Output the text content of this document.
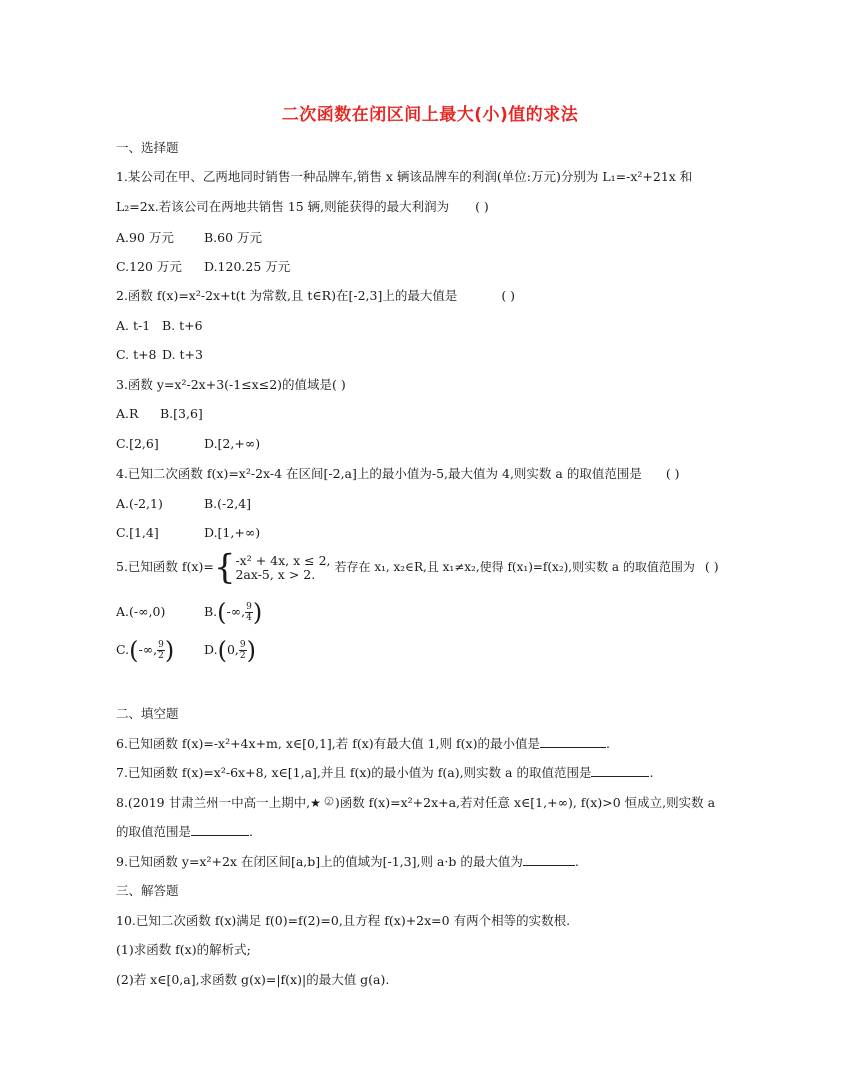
二次函数在闭区间上最大(小)值的求法
一、选择题
1.某公司在甲、乙两地同时销售一种品牌车,销售 x 辆该品牌车的利润(单位:万元)分别为 L₁=-x²+21x 和
L₂=2x.若该公司在两地共销售 15 辆,则能获得的最大利润为 ( )
A.90 万元 B.60 万元
C.120 万元 D.120.25 万元
2.函数 f(x)=x²-2x+t(t 为常数,且 t∈R)在[-2,3]上的最大值是	( )
A. t-1 B. t+6
C. t+8 D. t+3
3.函数 y=x²-2x+3(-1≤x≤2)的值域是( )
A.R B.[3,6]
C.[2,6]	D.[2,+∞)
4.已知二次函数 f(x)=x²-2x-4 在区间[-2,a]上的最小值为-5,最大值为 4,则实数 a 的取值范围是 ( )
A.(-2,1)	B.(-2,4]
C.[1,4]	D.[1,+∞)
5.已知函数 f(x)={ -x² + 4x, x ≤ 2,
2ax-5, x > 2.	若存在 x₁, x₂∈R,且 x₁≠x₂,使得 f(x₁)=f(x₂),则实数 a 的取值范围为 ( )
A.(-∞,0)	B.(-∞, $\frac{9}{4}$ )
C.(-∞, $\frac{9}{2}$ ) D.(0, $\frac{9}{2}$ )
二、填空题
6.已知函数 f(x)=-x²+4x+m, x∈[0,1],若 f(x)有最大值 1,则 f(x)的最小值是	.
7.已知函数 f(x)=x²-6x+8, x∈[1,a],并且 f(x)的最小值为 f(a),则实数 a 的取值范围是	.
8.(2019 甘肃兰州一中高一上期中,★ 2 )函数 f(x)=x²+2x+a,若对任意 x∈[1,+∞), f(x)>0 恒成立,则实数 a
的取值范围是	.
9.已知函数 y=x²+2x 在闭区间[a,b]上的值域为[-1,3],则 a·b 的最大值为	.
三、解答题
10.已知二次函数 f(x)满足 f(0)=f(2)=0,且方程 f(x)+2x=0 有两个相等的实数根.
(1)求函数 f(x)的解析式;
(2)若 x∈[0,a],求函数 g(x)=|f(x)|的最大值 g(a).
